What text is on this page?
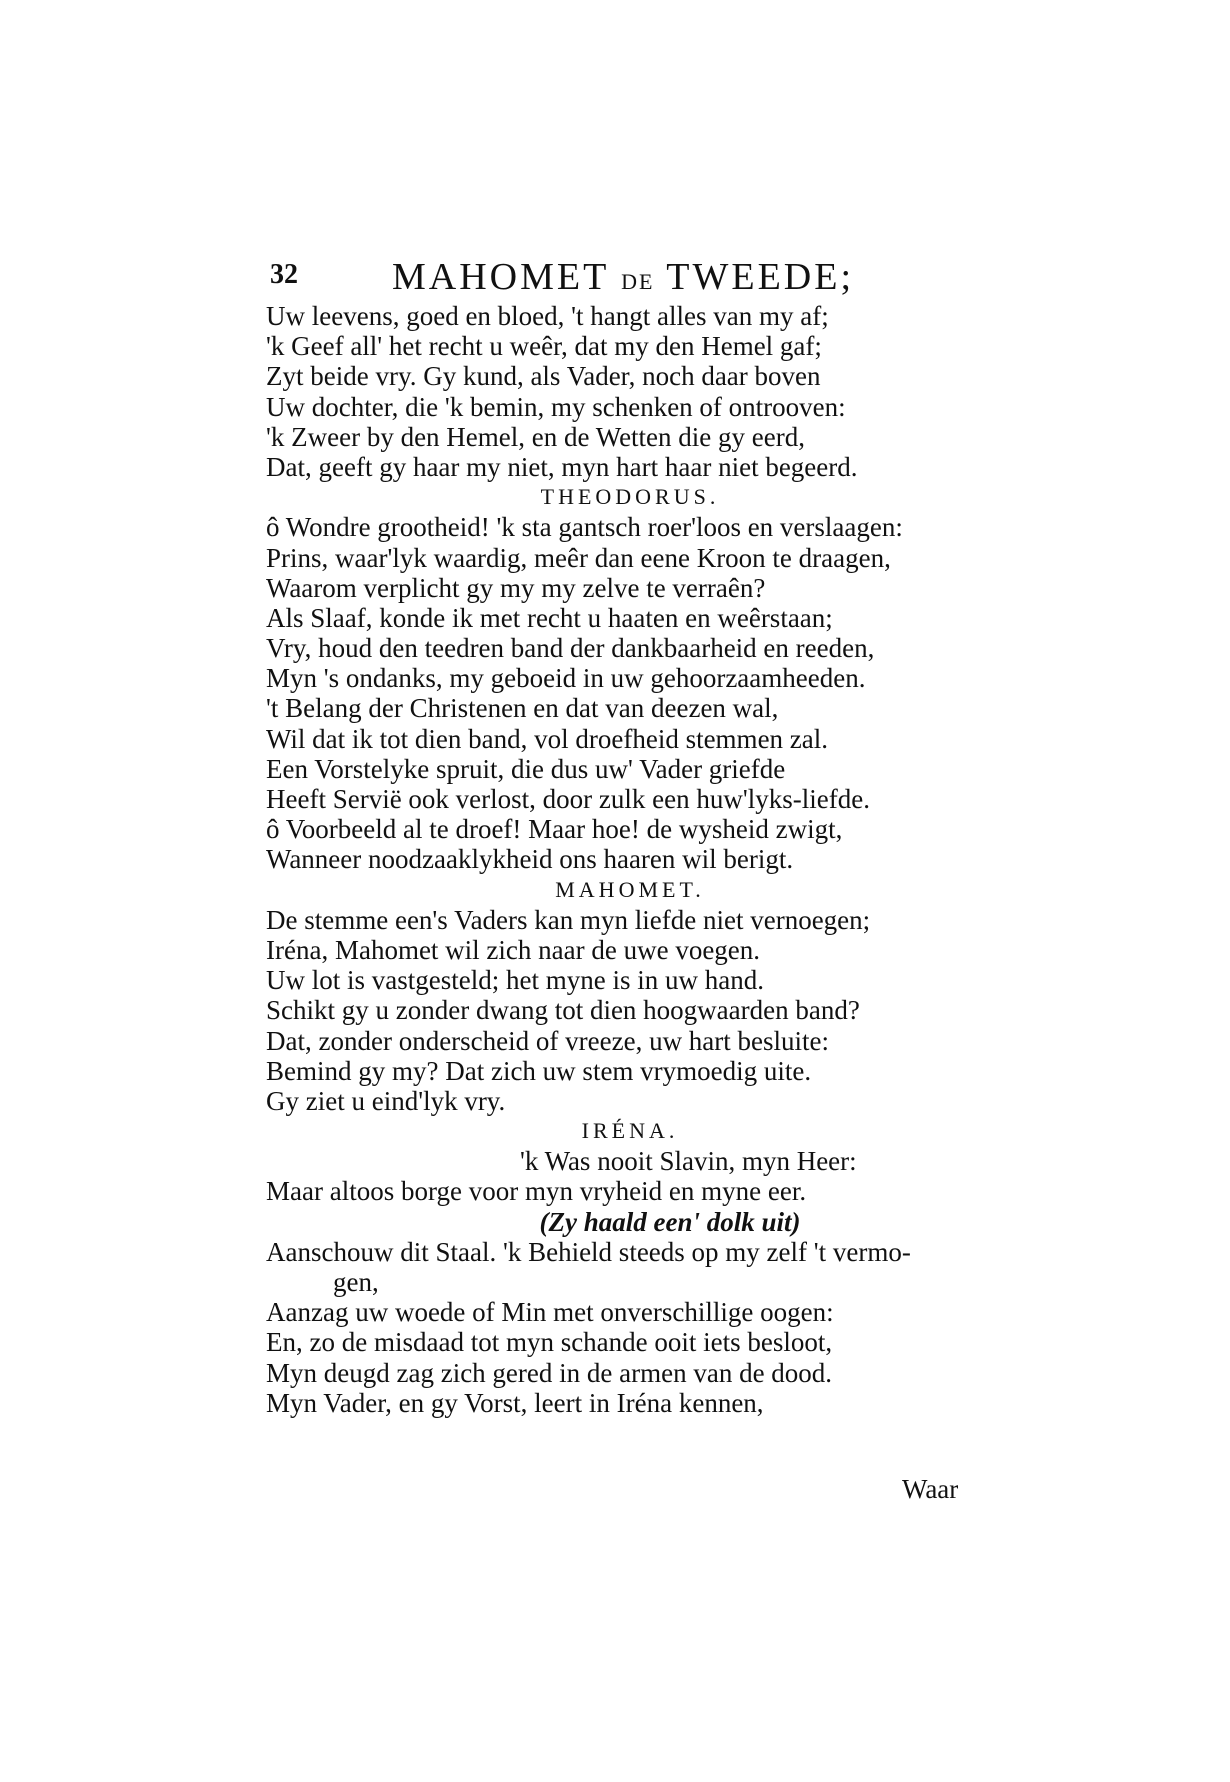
32 MAHOMET DE TWEEDE;
Uw leevens, goed en bloed, 't hangt alles van my af;
'k Geef all' het recht u weêr, dat my den Hemel gaf;
Zyt beide vry. Gy kund, als Vader, noch daar boven
Uw dochter, die 'k bemin, my schenken of ontrooven:
'k Zweer by den Hemel, en de Wetten die gy eerd,
Dat, geeft gy haar my niet, myn hart haar niet begeerd.
THEODORUS.
ô Wondre grootheid! 'k sta gantsch roer'loos en verslaagen:
Prins, waar'lyk waardig, meêr dan eene Kroon te draagen,
Waarom verplicht gy my my zelve te verraên?
Als Slaaf, konde ik met recht u haaten en weêrstaan;
Vry, houd den teedren band der dankbaarheid en reeden,
Myn 's ondanks, my geboeid in uw gehoorzaamheeden.
't Belang der Christenen en dat van deezen wal,
Wil dat ik tot dien band, vol droefheid stemmen zal.
Een Vorstelyke spruit, die dus uw' Vader griefde
Heeft Servië ook verlost, door zulk een huw'lyks-liefde.
ô Voorbeeld al te droef! Maar hoe! de wysheid zwigt,
Wanneer noodzaaklykheid ons haaren wil berigt.
MAHOMET.
De stemme een's Vaders kan myn liefde niet vernoegen;
Iréna, Mahomet wil zich naar de uwe voegen.
Uw lot is vastgesteld; het myne is in uw hand.
Schikt gy u zonder dwang tot dien hoogwaarden band?
Dat, zonder onderscheid of vreeze, uw hart besluite:
Bemind gy my? Dat zich uw stem vrymoedig uite.
Gy ziet u eind'lyk vry.
IRÉNA.
'k Was nooit Slavin, myn Heer:
Maar altoos borge voor myn vryheid en myne eer.
(Zy haald een' dolk uit)
Aanschouw dit Staal. 'k Behield steeds op my zelf 't vermo-
gen,
Aanzag uw woede of Min met onverschillige oogen:
En, zo de misdaad tot myn schande ooit iets besloot,
Myn deugd zag zich gered in de armen van de dood.
Myn Vader, en gy Vorst, leert in Iréna kennen,
Waar
